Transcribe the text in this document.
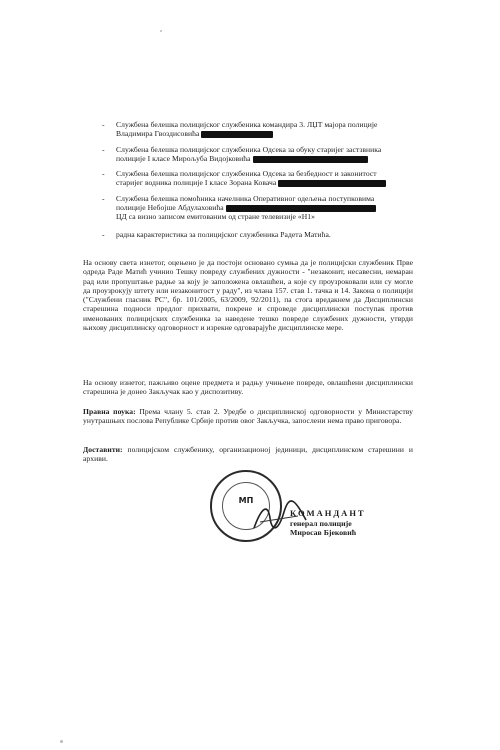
- Службена белешка полицијског службеника командира 3. ЛЏТ мајора полиције Владимира Гвоздисовића
- Службена белешка полицијског службеника Одсека за обуку старијег застзвника полиције I класе Мирољуба Видојковића
- Службена белешка полицијског службеника Одсека за безбедност и законитост старијег водника полиције I класе Зорана Ковача
- Службена белешка помоћника начелника Оперативног одељења поступковима полиције Небојше Абдулаховића
ЦД са визно записом емитованим од стране телевизије «Н1»
- радна карактеристика за полицијског службеника Радета Матића.
На основу света изнетог, оцењено је да постоји основано сумња да је полицијски службеник Прве одреда Раде Матић учинио Тешку повреду службених дужности - "незаконит, несавесни, немаран рад или пропуштање радње за коју је заположена овлашћен, а које су проузроковали или су могле да проузрокују штету или незаконитост у раду", из члана 157. став 1. тачка и 14. Закона о полицији ("Службени гласник РС", бр. 101/2005, 63/2009, 92/2011), па стога вредакнем да Дисциплински старешина подноси предлог прихвати, покрене и спроведе дисциплински поступак против именованих полицијских службеника за наведене тешко повреде службених дужности, утврди њихову дисциплинску одговорност и изрекне одговарајуће дисциплинске мере.
На основу изнетог, пажљиво оцене предмета и радњу учињене повреде, овлашћени дисциплински старешина је донео Закључак као у диспозитиву.
Правна поука: Према члану 5. став 2. Уредбе о дисциплинској одговорности у Министарству унутрашњих послова Републике Србије против овог Закључка, запослени нема право приговора.
Доставити: полицијском службенику, организационој јединици, дисциплинском старешини и архиви.
МП
КОМАНДАНТ
генерал полиције
Миросав Бјековић
